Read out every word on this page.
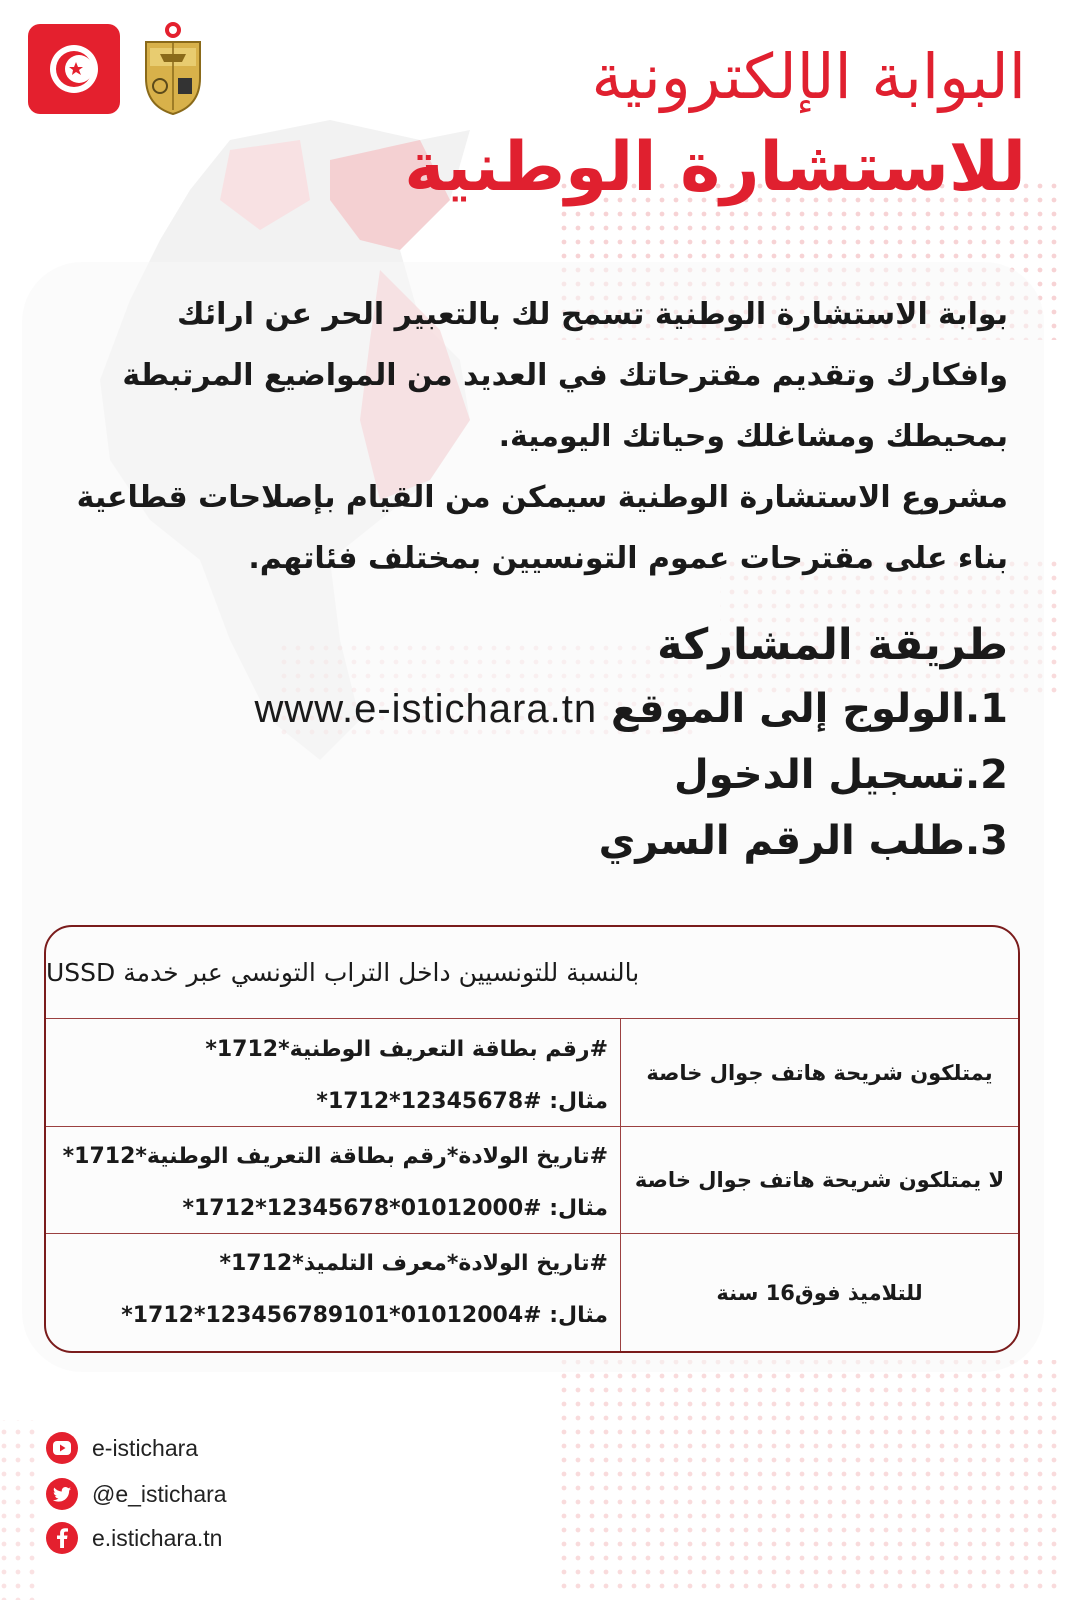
البوابة الإلكترونية
للاستشارة الوطنية

بوابة الاستشارة الوطنية تسمح لك بالتعبير الحر عن ارائك

وافكارك وتقديم مقترحاتك في العديد من المواضيع المرتبطة

بمحيطك ومشاغلك وحياتك اليومية.

مشروع الاستشارة الوطنية سيمكن من القيام بإصلاحات قطاعية

بناء على مقترحات عموم التونسيين بمختلف فئاتهم.

طريقة المشاركة
1.الولوج إلى الموقع www.e-istichara.tn
2.تسجيل الدخول
3.طلب الرقم السري
بالنسبة للتونسيين داخل التراب التونسي عبر خدمة USSD
يمتلكون شريحة هاتف جوال خاصة
#رقم بطاقة التعريف الوطنية*1712*
مثال: #12345678*1712*
لا يمتلكون شريحة هاتف جوال خاصة
#تاريخ الولادة*رقم بطاقة التعريف الوطنية*1712*
مثال: #01012000*12345678*1712*
للتلاميذ فوق16 سنة
#تاريخ الولادة*معرف التلميذ*1712*
مثال: #01012004*123456789101*1712*
e-istichara
@e_istichara
e.istichara.tn
